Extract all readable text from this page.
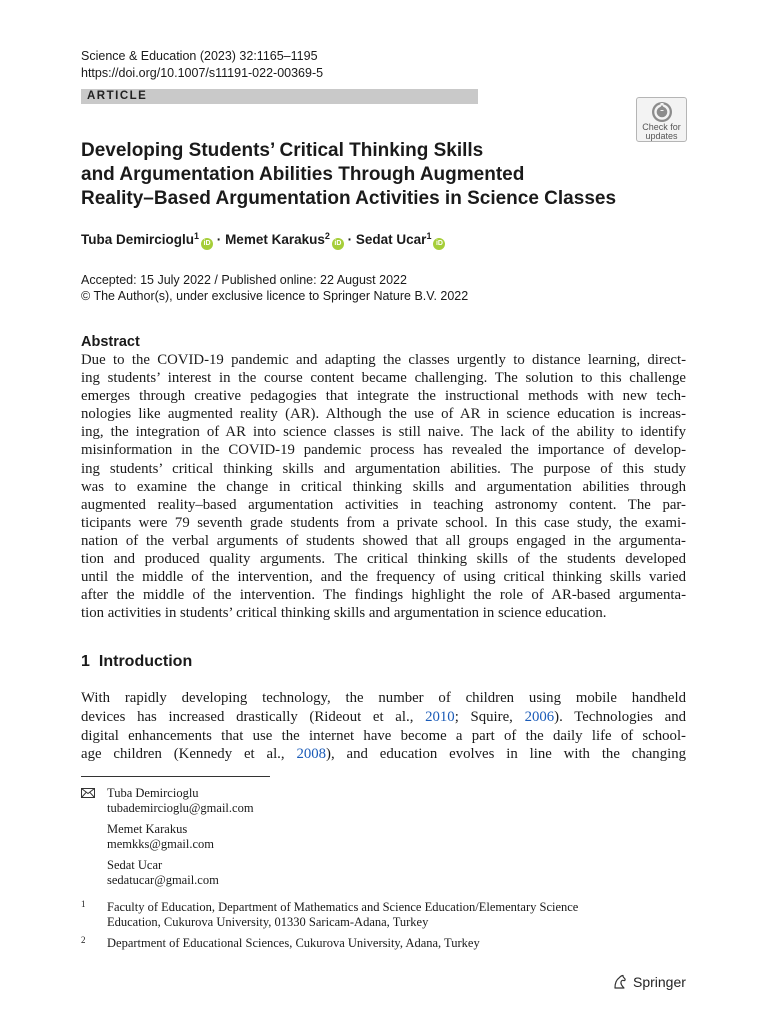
Science & Education (2023) 32:1165–1195
https://doi.org/10.1007/s11191-022-00369-5
ARTICLE
Check for
updates
Developing Students’ Critical Thinking Skills
and Argumentation Abilities Through Augmented
Reality–Based Argumentation Activities in Science Classes
Tuba Demircioglu$^1$iD · Memet Karakus$^2$iD · Sedat Ucar$^1$iD
Accepted: 15 July 2022 / Published online: 22 August 2022
© The Author(s), under exclusive licence to Springer Nature B.V. 2022
Abstract
Due to the COVID-19 pandemic and adapting the classes urgently to distance learning, direct-
ing students’ interest in the course content became challenging. The solution to this challenge
emerges through creative pedagogies that integrate the instructional methods with new tech-
nologies like augmented reality (AR). Although the use of AR in science education is increas-
ing, the integration of AR into science classes is still naive. The lack of the ability to identify
misinformation in the COVID-19 pandemic process has revealed the importance of develop-
ing students’ critical thinking skills and argumentation abilities. The purpose of this study
was to examine the change in critical thinking skills and argumentation abilities through
augmented reality–based argumentation activities in teaching astronomy content. The par-
ticipants were 79 seventh grade students from a private school. In this case study, the exami-
nation of the verbal arguments of students showed that all groups engaged in the argumenta-
tion and produced quality arguments. The critical thinking skills of the students developed
until the middle of the intervention, and the frequency of using critical thinking skills varied
after the middle of the intervention. The findings highlight the role of AR-based argumenta-
tion activities in students’ critical thinking skills and argumentation in science education.
1 Introduction
With rapidly developing technology, the number of children using mobile handheld
devices has increased drastically (Rideout et al., 2010; Squire, 2006). Technologies and
digital enhancements that use the internet have become a part of the daily life of school-
age children (Kennedy et al., 2008), and education evolves in line with the changing
Tuba Demircioglu
tubademircioglu@gmail.com
Memet Karakus
memkks@gmail.com
Sedat Ucar
sedatucar@gmail.com
1 Faculty of Education, Department of Mathematics and Science Education/Elementary Science
Education, Cukurova University, 01330 Saricam-Adana, Turkey
2 Department of Educational Sciences, Cukurova University, Adana, Turkey
Springer
